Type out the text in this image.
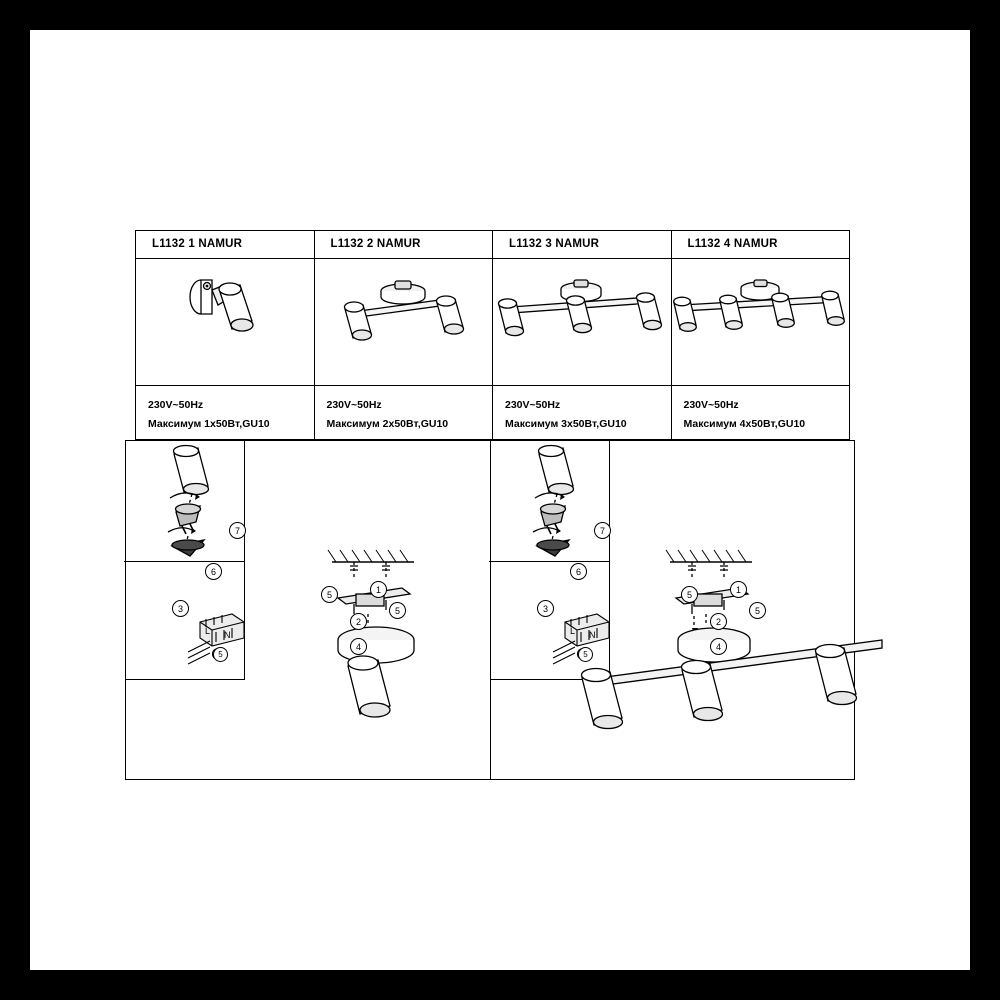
L1132 1 NAMUR
230V~50Hz
Максимум 1x50Вт,GU10
L1132 2 NAMUR
230V~50Hz
Максимум 2x50Вт,GU10
L1132 3 NAMUR
230V~50Hz
Максимум 3x50Вт,GU10
L1132 4 NAMUR
230V~50Hz
Максимум 4x50Вт,GU10
7
6
3
L N
5
5	1
5
2
4
7
6
3
L N
5
5	1
5
2
4
